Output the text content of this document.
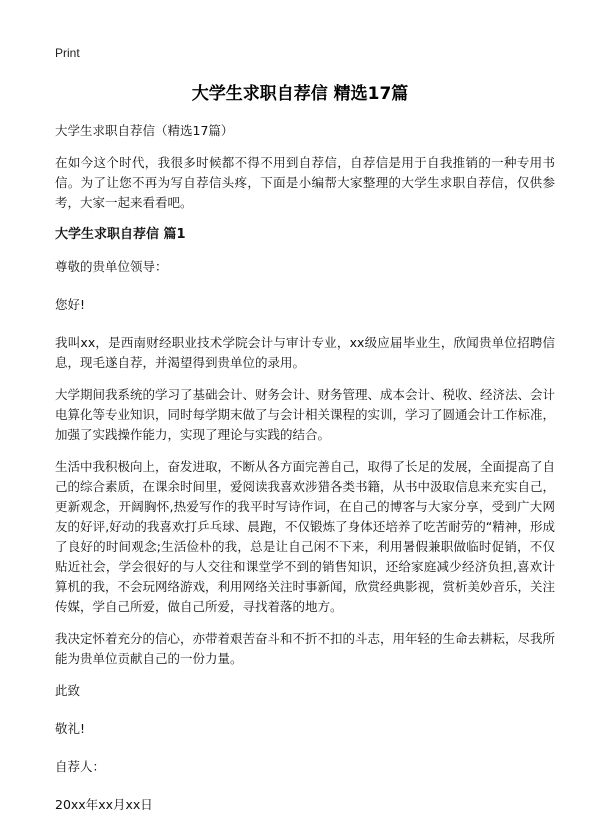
Print
大学生求职自荐信 精选17篇

大学生求职自荐信（精选17篇）

在如今这个时代，我很多时候都不得不用到自荐信，自荐信是用于自我推销的一种专用书信。为了让您不再为写自荐信头疼，下面是小编帮大家整理的大学生求职自荐信，仅供参考，大家一起来看看吧。

大学生求职自荐信 篇1

尊敬的贵单位领导：

您好!

我叫xx，是西南财经职业技术学院会计与审计专业，xx级应届毕业生，欣闻贵单位招聘信息，现毛遂自荐，并渴望得到贵单位的录用。

大学期间我系统的学习了基础会计、财务会计、财务管理、成本会计、税收、经济法、会计电算化等专业知识，同时每学期末做了与会计相关课程的实训，学习了圆通会计工作标准，加强了实践操作能力，实现了理论与实践的结合。

生活中我积极向上，奋发进取，不断从各方面完善自己，取得了长足的发展，全面提高了自己的综合素质，在课余时间里，爱阅读我喜欢涉猎各类书籍，从书中汲取信息来充实自己，更新观念，开阔胸怀,热爱写作的我平时写诗作词，在自己的博客与大家分享，受到广大网友的好评,好动的我喜欢打乒乓球、晨跑，不仅锻炼了身体还培养了吃苦耐劳的“精神，形成了良好的时间观念;生活俭朴的我，总是让自己闲不下来，利用暑假兼职做临时促销，不仅贴近社会，学会很好的与人交往和课堂学不到的销售知识，还给家庭减少经济负担,喜欢计算机的我，不会玩网络游戏，利用网络关注时事新闻，欣赏经典影视，赏析美妙音乐，关注传媒，学自己所爱，做自己所爱，寻找着落的地方。

我决定怀着充分的信心，亦带着艰苦奋斗和不折不扣的斗志，用年轻的生命去耕耘，尽我所能为贵单位贡献自己的一份力量。

此致

敬礼!

自荐人：

20xx年xx月xx日
